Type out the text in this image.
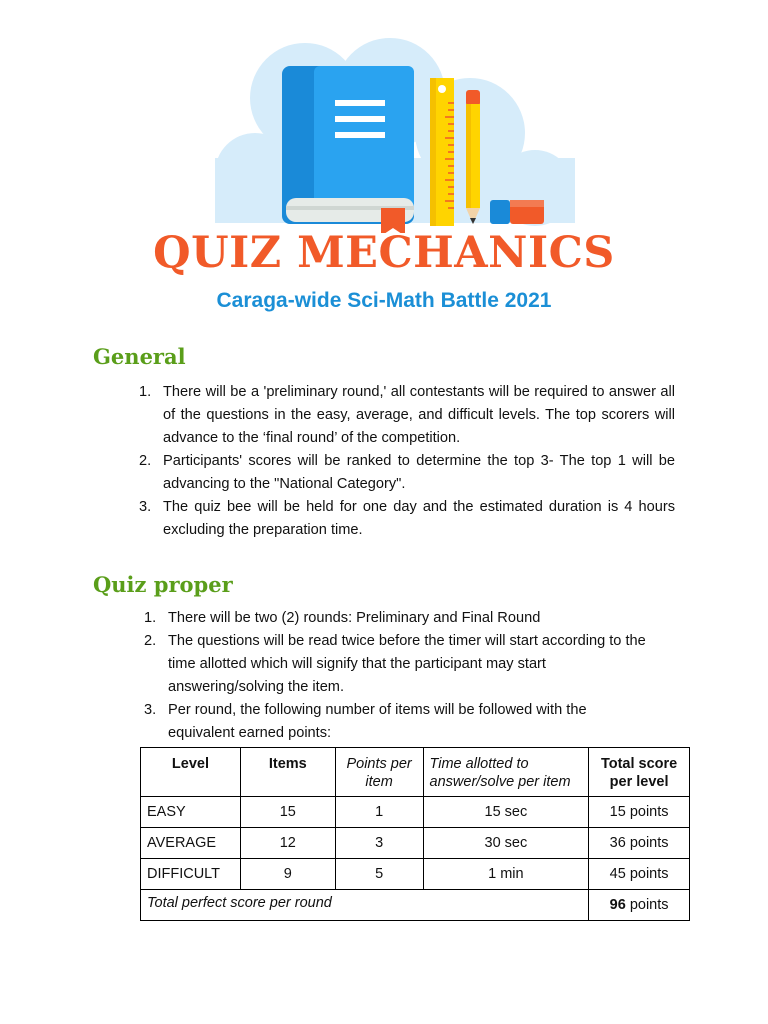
QUIZ MECHANICS
Caraga-wide Sci-Math Battle 2021
General
1. There will be a 'preliminary round,' all contestants will be required to answer all of the questions in the easy, average, and difficult levels. The top scorers will advance to the ‘final round’ of the competition.
2. Participants' scores will be ranked to determine the top 3- The top 1 will be advancing to the "National Category".
3. The quiz bee will be held for one day and the estimated duration is 4 hours excluding the preparation time.
Quiz proper
1. There will be two (2) rounds: Preliminary and Final Round
2. The questions will be read twice before the timer will start according to the time allotted which will signify that the participant may start answering/solving the item.
3. Per round, the following number of items will be followed with the equivalent earned points:
Level	Items	Points per item	Time allotted to answer/solve per item	Total score per level
EASY	15	1	15 sec	15 points
AVERAGE	12	3	30 sec	36 points
DIFFICULT	9	5	1 min	45 points
Total perfect score per round				96 points
